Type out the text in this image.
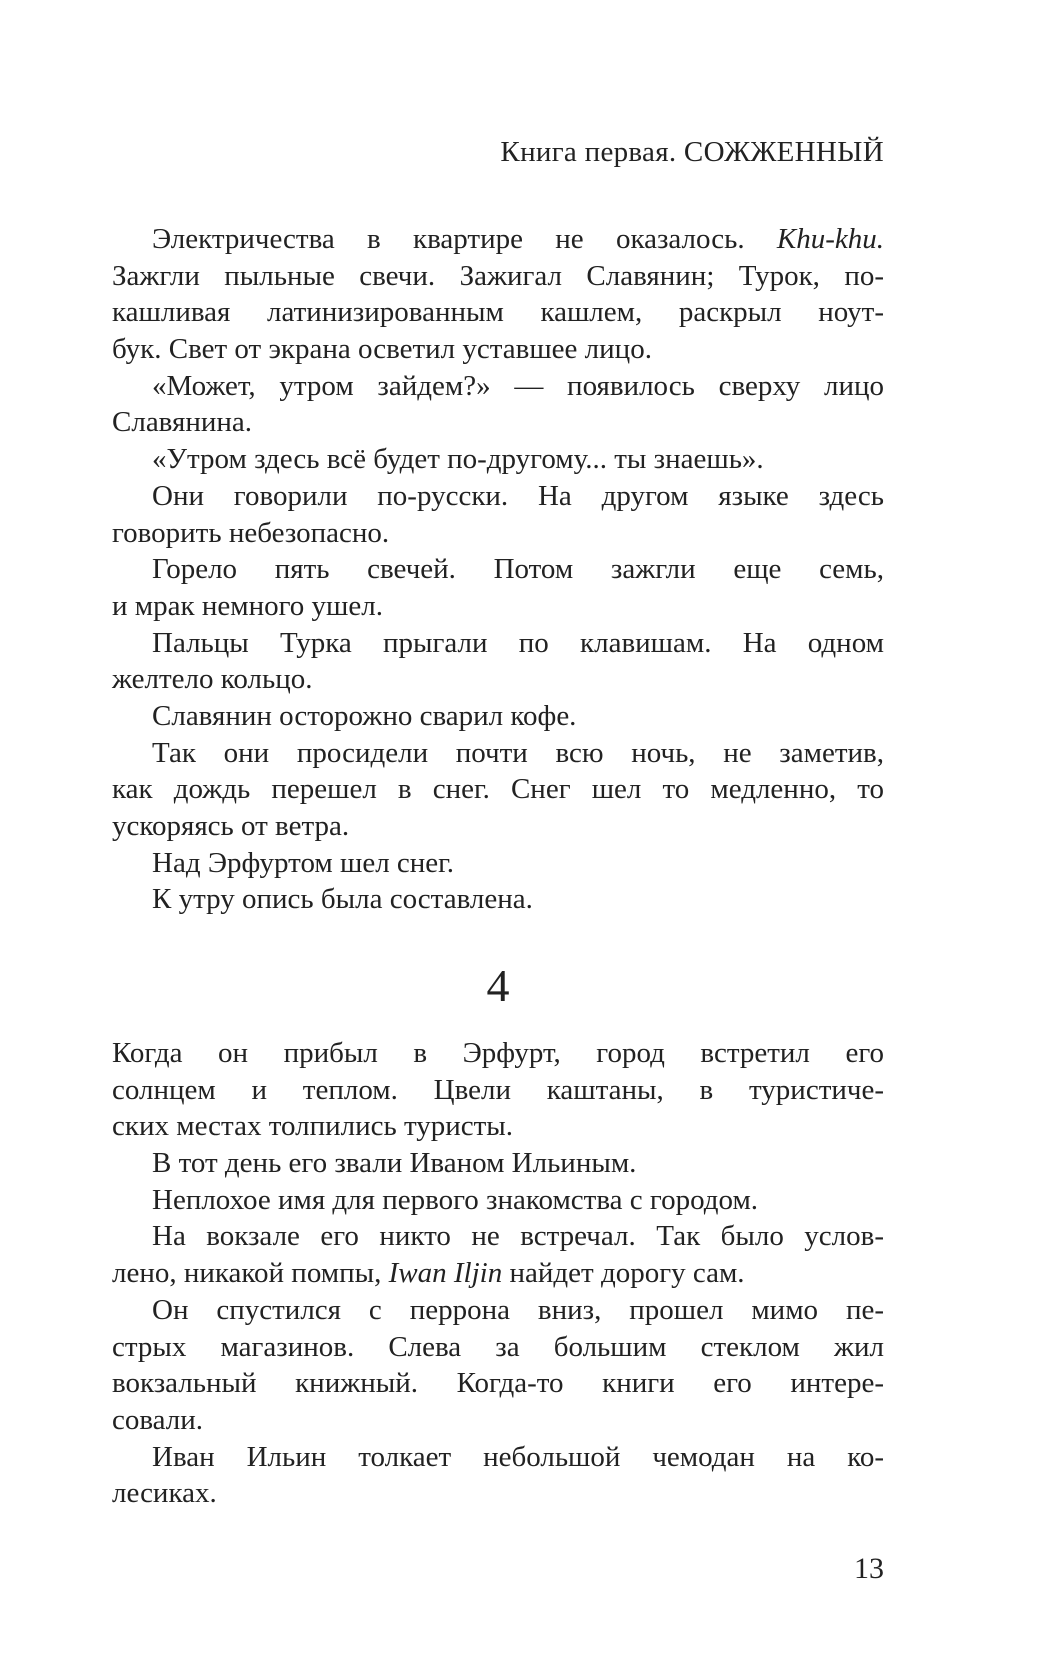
Книга первая. СОЖЖЕННЫЙ
Электричества в квартире не оказалось. Khu-khu.
Зажгли пыльные свечи. Зажигал Славянин; Турок, по-
кашливая латинизированным кашлем, раскрыл ноут-
бук. Свет от экрана осветил уставшее лицо.
«Может, утром зайдем?» — появилось сверху лицо
Славянина.
«Утром здесь всё будет по-другому... ты знаешь».
Они говорили по-русски. На другом языке здесь
говорить небезопасно.
Горело пять свечей. Потом зажгли еще семь,
и мрак немного ушел.
Пальцы Турка прыгали по клавишам. На одном
желтело кольцо.
Славянин осторожно сварил кофе.
Так они просидели почти всю ночь, не заметив,
как дождь перешел в снег. Снег шел то медленно, то
ускоряясь от ветра.
Над Эрфуртом шел снег.
К утру опись была составлена.
4
Когда он прибыл в Эрфурт, город встретил его
солнцем и теплом. Цвели каштаны, в туристиче-
ских местах толпились туристы.
В тот день его звали Иваном Ильиным.
Неплохое имя для первого знакомства с городом.
На вокзале его никто не встречал. Так было услов-
лено, никакой помпы, Iwan Iljin найдет дорогу сам.
Он спустился с перрона вниз, прошел мимо пе-
стрых магазинов. Слева за большим стеклом жил
вокзальный книжный. Когда-то книги его интере-
совали.
Иван Ильин толкает небольшой чемодан на ко-
лесиках.
13
